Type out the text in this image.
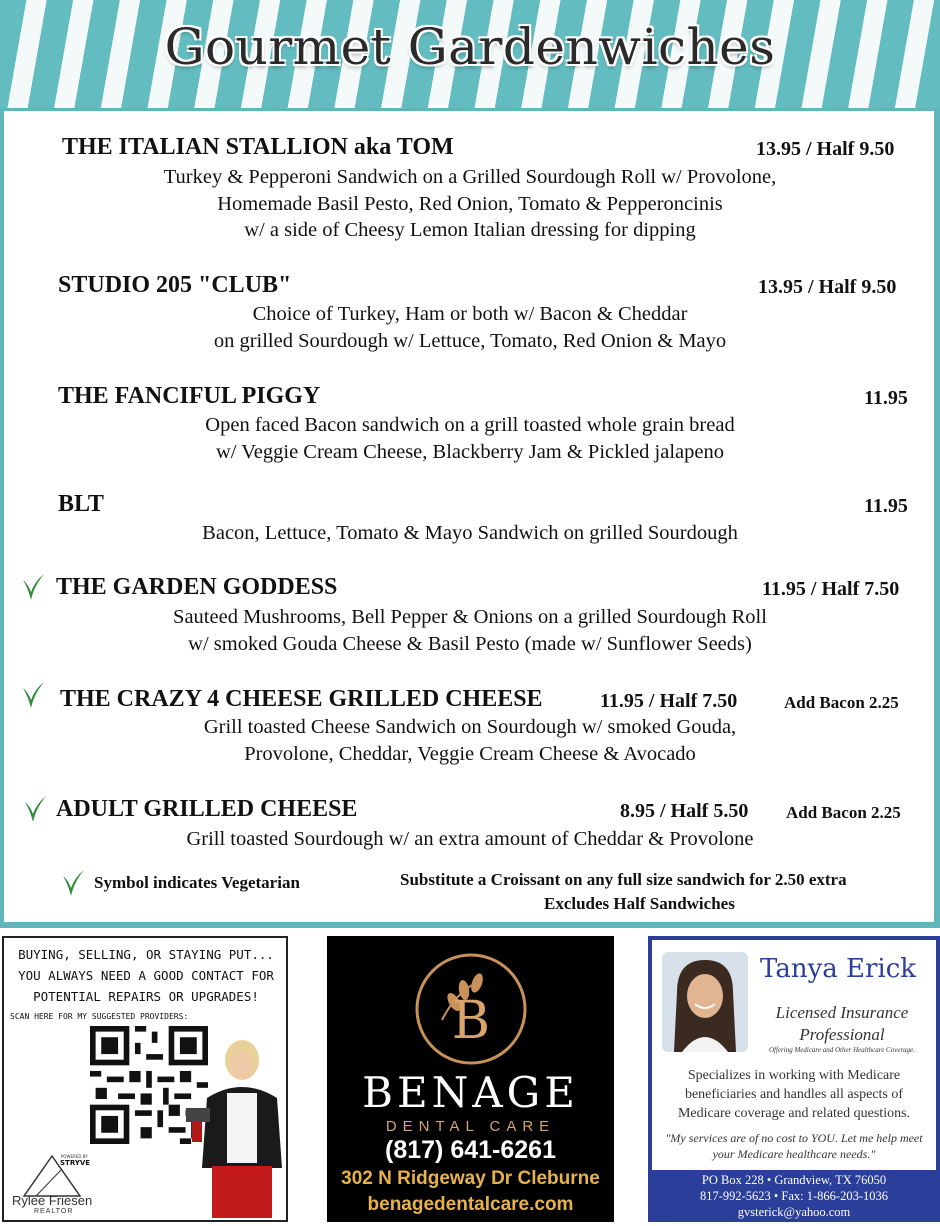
Gourmet Gardenwiches
THE ITALIAN STALLION aka TOM	13.95 / Half 9.50
Turkey & Pepperoni Sandwich on a Grilled Sourdough Roll w/ Provolone,
Homemade Basil Pesto, Red Onion, Tomato & Pepperoncinis
w/ a side of Cheesy Lemon Italian dressing for dipping
STUDIO 205 "CLUB"	13.95 / Half 9.50
Choice of Turkey, Ham or both w/ Bacon & Cheddar
on grilled Sourdough w/ Lettuce, Tomato, Red Onion & Mayo
THE FANCIFUL PIGGY	11.95
Open faced Bacon sandwich on a grill toasted whole grain bread
w/ Veggie Cream Cheese, Blackberry Jam & Pickled jalapeno
BLT	11.95
Bacon, Lettuce, Tomato & Mayo Sandwich on grilled Sourdough
THE GARDEN GODDESS	11.95 / Half 7.50
Sauteed Mushrooms, Bell Pepper & Onions on a grilled Sourdough Roll
w/ smoked Gouda Cheese & Basil Pesto (made w/ Sunflower Seeds)
THE CRAZY 4 CHEESE GRILLED CHEESE	11.95 / Half 7.50	Add Bacon 2.25
Grill toasted Cheese Sandwich on Sourdough w/ smoked Gouda,
Provolone, Cheddar, Veggie Cream Cheese & Avocado
ADULT GRILLED CHEESE	8.95 / Half 5.50 Add Bacon 2.25
Grill toasted Sourdough w/ an extra amount of Cheddar & Provolone
Symbol indicates Vegetarian	Substitute a Croissant on any full size sandwich for 2.50 extra
Excludes Half Sandwiches
BUYING, SELLING, OR STAYING PUT... YOU ALWAYS NEED A GOOD CONTACT FOR POTENTIAL REPAIRS OR UPGRADES!
SCAN HERE FOR MY SUGGESTED PROVIDERS:
POWERED BY
STRYVE
Rylee Friesen
REALTOR
B
BENAGE
DENTAL CARE
(817) 641-6261
302 N Ridgeway Dr Cleburne
benagedentalcare.com
Tanya Erick
Licensed Insurance Professional
Offering Medicare and Other Healthcare Coverage.
Specializes in working with Medicare beneficiaries and handles all aspects of Medicare coverage and related questions.
"My services are of no cost to YOU. Let me help meet your Medicare healthcare needs."
PO Box 228 • Grandview, TX 76050
817-992-5623 • Fax: 1-866-203-1036
gvsterick@yahoo.com
